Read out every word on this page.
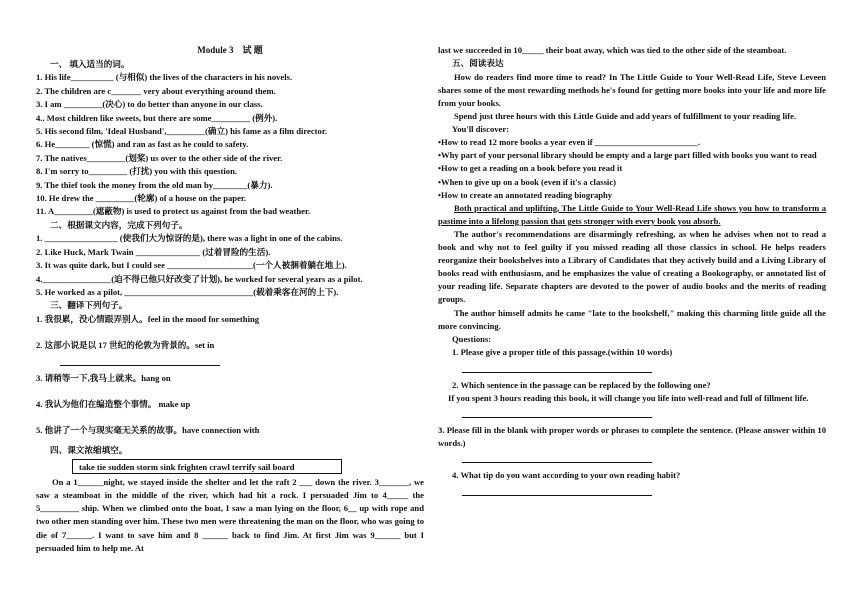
Module 3　试 题
一、 填入适当的词。
1. His life__________ (与相似) the lives of the characters in his novels.
2. The children are c_______ very about everything around them.
3. I am _________(决心) to do better than anyone in our class.
4.. Most children like sweets, but there are some_________ (例外).
5. His second film, 'Ideal Husband',_________(确立) his fame as a film director.
6. He________ (惊慌) and ran as fast as he could to safety.
7. The natives_________(划桨) us over to the other side of the river.
8. I'm sorry to_________ (打扰) you with this question.
9. The thief took the money from the old man by________(暴力).
10. He drew the _________(轮廓) of a house on the paper.
11. A_________(遮蔽物) is used to protect us against from the bad weather.
二、根据课文内容，完成下列句子。
1. _________________ (使我们大为惊讶的是), there was a light in one of the cabins.
2. Like Huck, Mark Twain _______________ (过着冒险的生活).
3. It was quite dark, but I could see ____________________(一个人被捆着躺在地上).
4.________________(迫不得已他只好改变了计划), he worked for several years as a pilot.
5. He worked as a pilot, ______________________________(载着乘客在河的上下).
三、翻译下列句子。
1. 我很累，没心情跟弄别人。feel in the mood for something
2. 这部小说是以 17 世纪的伦敦为背景的。set in
3. 请稍等一下,我马上就来。hang on
4. 我认为他们在编造整个事情。 make up
5. 他讲了一个与现实毫无关系的故事。have connection with
四、课文浓缩填空。
take tie sudden storm sink frighten crawl terrify sail board
On a 1______night, we stayed inside the shelter and let the raft 2 ___ down the river. 3_______, we saw a steamboat in the middle of the river, which had hit a rock. I persuaded Jim to 4_____ the 5_________ ship. When we climbed onto the boat, I saw a man lying on the floor, 6__ up with rope and two other men standing over him. These two men were threatening the man on the floor, who was going to die of 7______. I want to save him and 8 ______ back to find Jim. At first Jim was 9______ but I persuaded him to help me. At
last we succeeded in 10_____ their boat away, which was tied to the other side of the steamboat.
五、阅读表达
How do readers find more time to read? In The Little Guide to Your Well-Read Life, Steve Leveen shares some of the most rewarding methods he's found for getting more books into your life and more life from your books.
Spend just three hours with this Little Guide and add years of fulfillment to your reading life.
You'll discover:
•How to read 12 more books a year even if ________________________.
•Why part of your personal library should be empty and a large part filled with books you want to read
•How to get a reading on a book before you read it
•When to give up on a book (even if it's a classic)
•How to create an annotated reading biography
Both practical and uplifting, The Little Guide to Your Well-Read Life shows you how to transform a pastime into a lifelong passion that gets stronger with every book you absorb.
The author's recommendations are disarmingly refreshing, as when he advises when not to read a book and why not to feel guilty if you missed reading all those classics in school. He helps readers reorganize their bookshelves into a Library of Candidates that they actively build and a Living Library of books read with enthusiasm, and he emphasizes the value of creating a Bookography, or annotated list of your reading life. Separate chapters are devoted to the power of audio books and the merits of reading groups.
The author himself admits he came "late to the bookshelf," making this charming little guide all the more convincing.
Questions:
1. Please give a proper title of this passage.(within 10 words)
2. Which sentence in the passage can be replaced by the following one?
If you spent 3 hours reading this book, it will change you life into well-read and full of fillment life.
3. Please fill in the blank with proper words or phrases to complete the sentence. (Please answer within 10 words.)
4. What tip do you want according to your own reading habit?
